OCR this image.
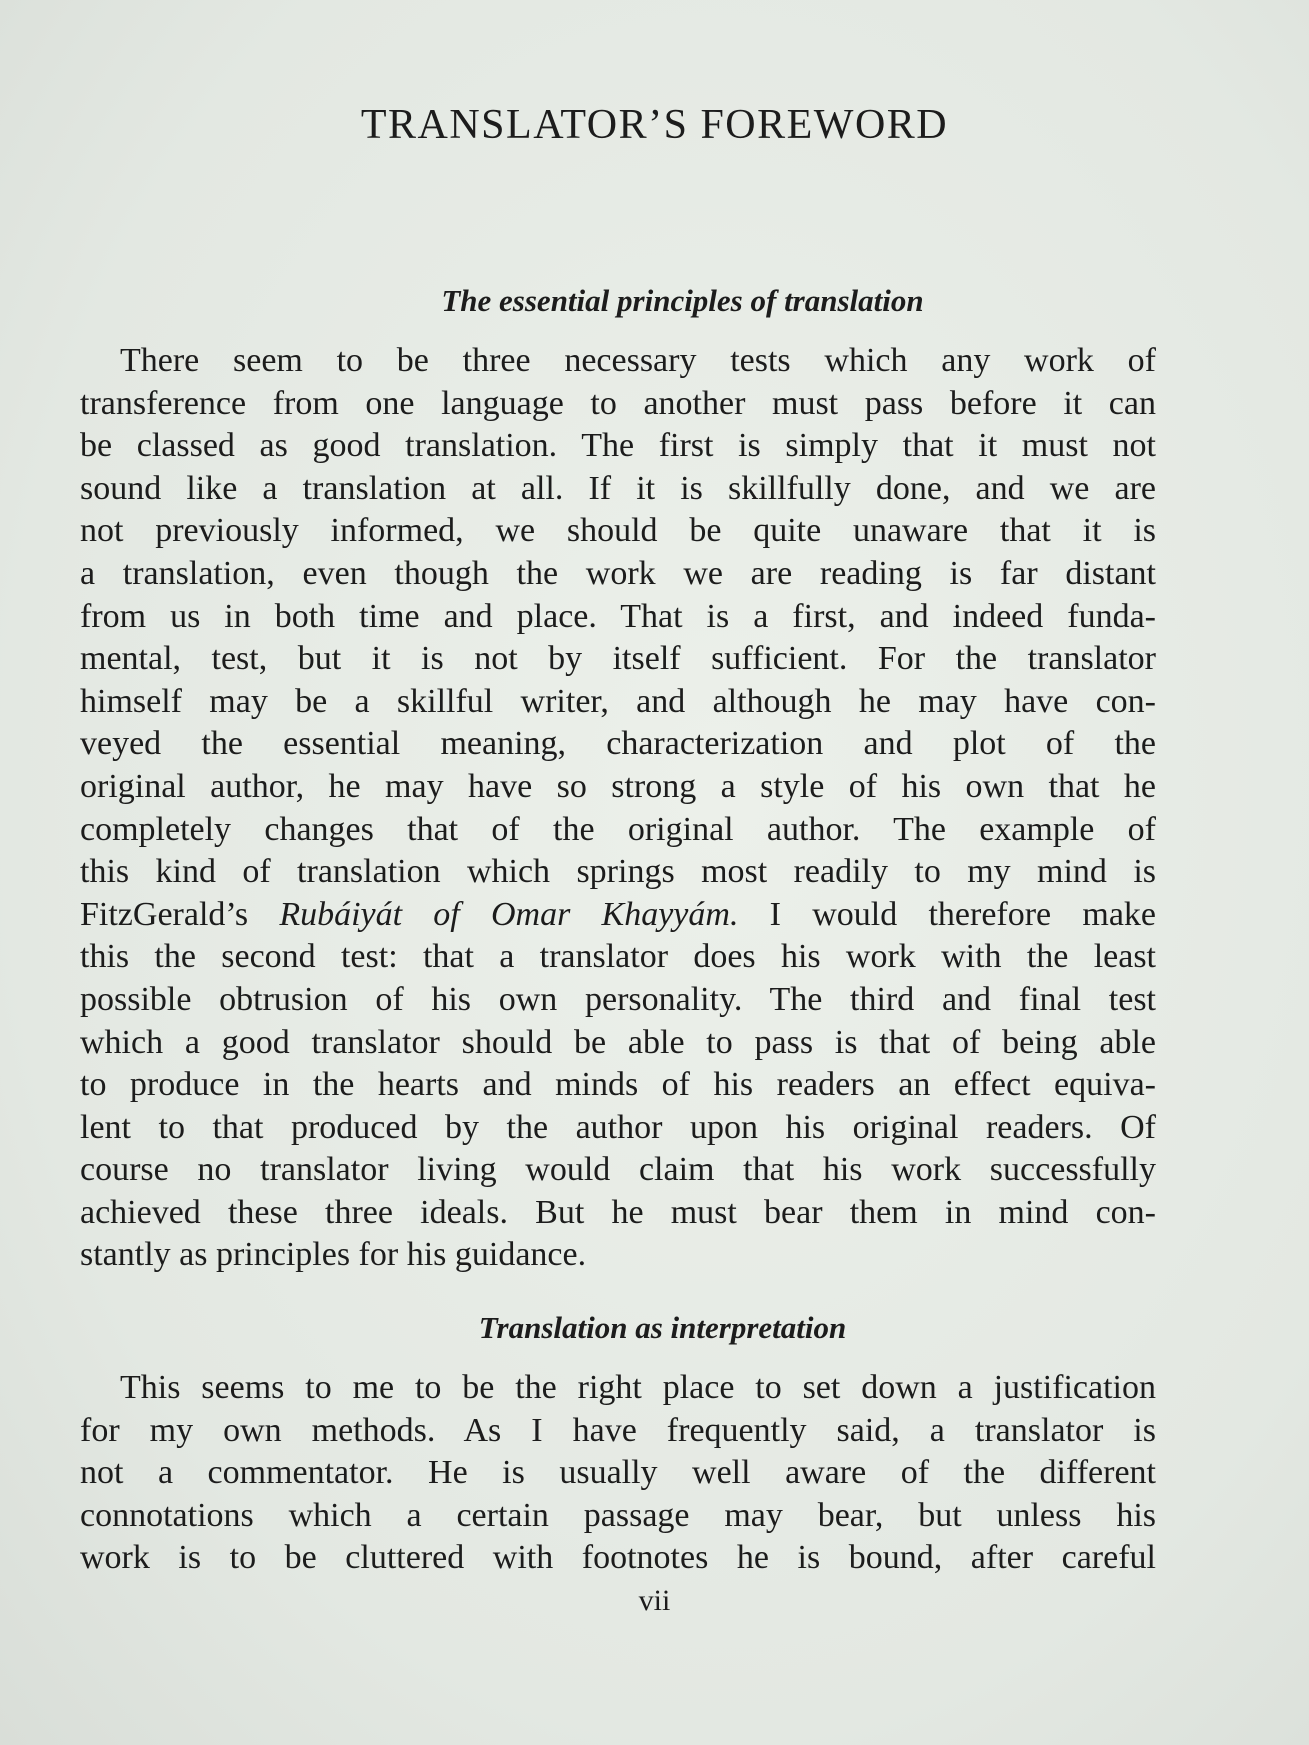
TRANSLATOR’S FOREWORD
The essential principles of translation

There seem to be three necessary tests which any work of
transference from one language to another must pass before it can
be classed as good translation. The first is simply that it must not
sound like a translation at all. If it is skillfully done, and we are
not previously informed, we should be quite unaware that it is
a translation, even though the work we are reading is far distant
from us in both time and place. That is a first, and indeed funda-
mental, test, but it is not by itself sufficient. For the translator
himself may be a skillful writer, and although he may have con-
veyed the essential meaning, characterization and plot of the
original author, he may have so strong a style of his own that he
completely changes that of the original author. The example of
this kind of translation which springs most readily to my mind is
FitzGerald’s Rubáiyát of Omar Khayyám. I would therefore make
this the second test: that a translator does his work with the least
possible obtrusion of his own personality. The third and final test
which a good translator should be able to pass is that of being able
to produce in the hearts and minds of his readers an effect equiva-
lent to that produced by the author upon his original readers. Of
course no translator living would claim that his work successfully
achieved these three ideals. But he must bear them in mind con-
stantly as principles for his guidance.

Translation as interpretation

This seems to me to be the right place to set down a justification
for my own methods. As I have frequently said, a translator is
not a commentator. He is usually well aware of the different
connotations which a certain passage may bear, but unless his
work is to be cluttered with footnotes he is bound, after careful

vii
